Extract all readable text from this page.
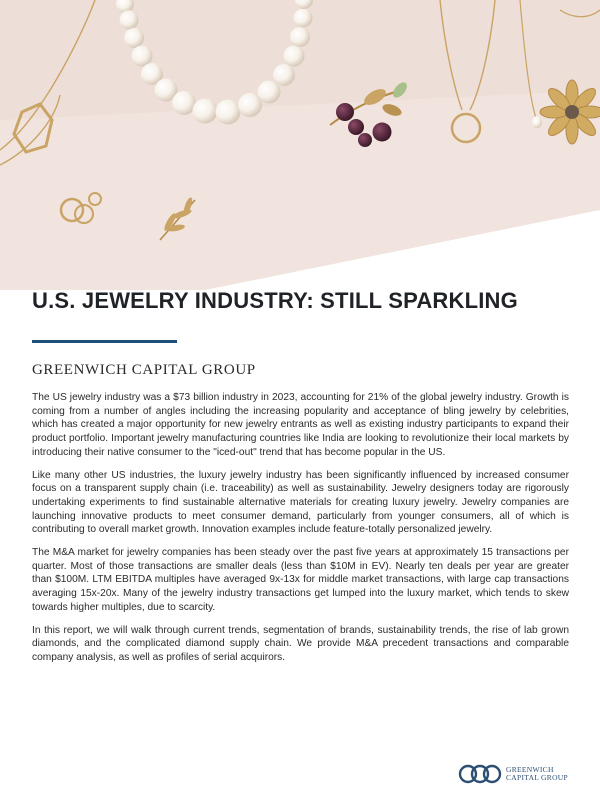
U.S. JEWELRY INDUSTRY: STILL SPARKLING

GREENWICH CAPITAL GROUP

The US jewelry industry was a $73 billion industry in 2023, accounting for 21% of the global jewelry industry. Growth is coming from a number of angles including the increasing popularity and acceptance of bling jewelry by celebrities, which has created a major opportunity for new jewelry entrants as well as existing industry participants to expand their product portfolio. Important jewelry manufacturing countries like India are looking to revolutionize their local markets by introducing their native consumer to the "iced-out" trend that has become popular in the US.

Like many other US industries, the luxury jewelry industry has been significantly influenced by increased consumer focus on a transparent supply chain (i.e. traceability) as well as sustainability. Jewelry designers today are rigorously undertaking experiments to find sustainable alternative materials for creating luxury jewelry. Jewelry companies are launching innovative products to meet consumer demand, particularly from younger consumers, all of which is contributing to overall market growth. Innovation examples include feature-totally personalized jewelry.

The M&A market for jewelry companies has been steady over the past five years at approximately 15 transactions per quarter. Most of those transactions are smaller deals (less than $10M in EV). Nearly ten deals per year are greater than $100M. LTM EBITDA multiples have averaged 9x-13x for middle market transactions, with large cap transactions averaging 15x-20x. Many of the jewelry industry transactions get lumped into the luxury market, which tends to skew towards higher multiples, due to scarcity.

In this report, we will walk through current trends, segmentation of brands, sustainability trends, the rise of lab grown diamonds, and the complicated diamond supply chain. We provide M&A precedent transactions and comparable company analysis, as well as profiles of serial acquirors.

GREENWICH
CAPITAL GROUP
